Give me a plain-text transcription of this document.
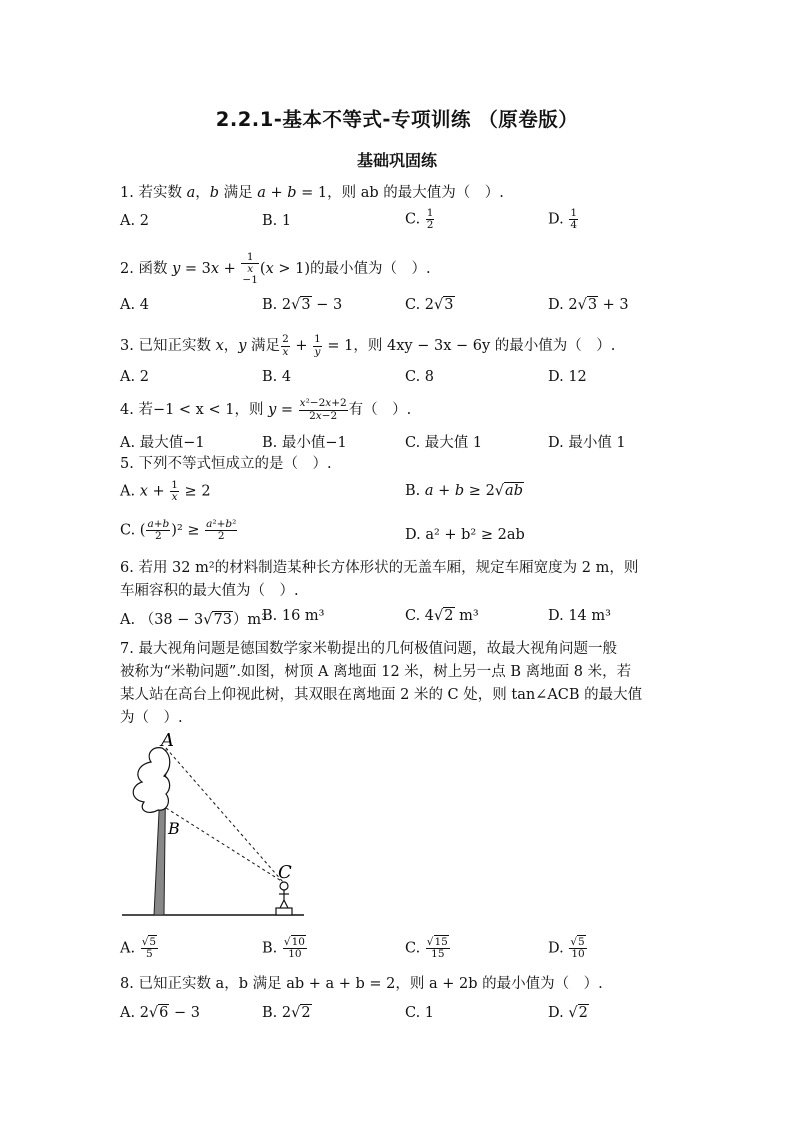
2.2.1-基本不等式-专项训练 （原卷版）
基础巩固练
1. 若实数 a，b 满足 a + b = 1，则 ab 的最大值为（　）.
A. 2	B. 1	C. $\frac{1}{2}$	D. $\frac{1}{4}$
2. 函数 y = 3x +
1
x
−1(x > 1)的最小值为（　）.
A. 4	B. 2√3 − 3	C. 2√3	D. 2√3 + 3
3. 已知正实数 x，y 满足 $\frac{2}{x} + \frac{1}{y} = 1$，则 4xy − 3x − 6y 的最小值为（　）.
A. 2	B. 4	C. 8	D. 12
4. 若−1 < x < 1，则 $y = \frac{\text{x²−2x+2}}{2x-2}$ 有（　）.
A. 最大值−1	B. 最小值−1	C. 最大值 1	D. 最小值 1
5. 下列不等式恒成立的是（　）.
A. $x + \frac{1}{x} \ge 2$	B. a + b ≥ 2√ab
C. ( $\frac{a+b}{2} )^2 \ge \frac{\text{a²+b²}}{2}$	D. a² + b² ≥ 2ab
6. 若用 32 m²的材料制造某种长方体形状的无盖车厢，规定车厢宽度为 2 m，则
车厢容积的最大值为（　）.
A. （38 − 3√73）m³
B. 16 m³	C. 4√2 m³	D. 14 m³
7. 最大视角问题是德国数学家米勒提出的几何极值问题，故最大视角问题一般
被称为“米勒问题”.如图，树顶 A 离地面 12 米，树上另一点 B 离地面 8 米，若
某人站在高台上仰视此树，其双眼在离地面 2 米的 C 处，则 tan∠ACB 的最大值
为（　）.
A
B
C
A. $\frac{√5}{5}$	B. $\frac{√10}{10}$	C. $\frac{√15}{15}$	D. $\frac{√5}{10}$
8. 已知正实数 a，b 满足 ab + a + b = 2，则 a + 2b 的最小值为（　）.
A. 2√6 − 3	B. 2√2	C. 1	D. √2
